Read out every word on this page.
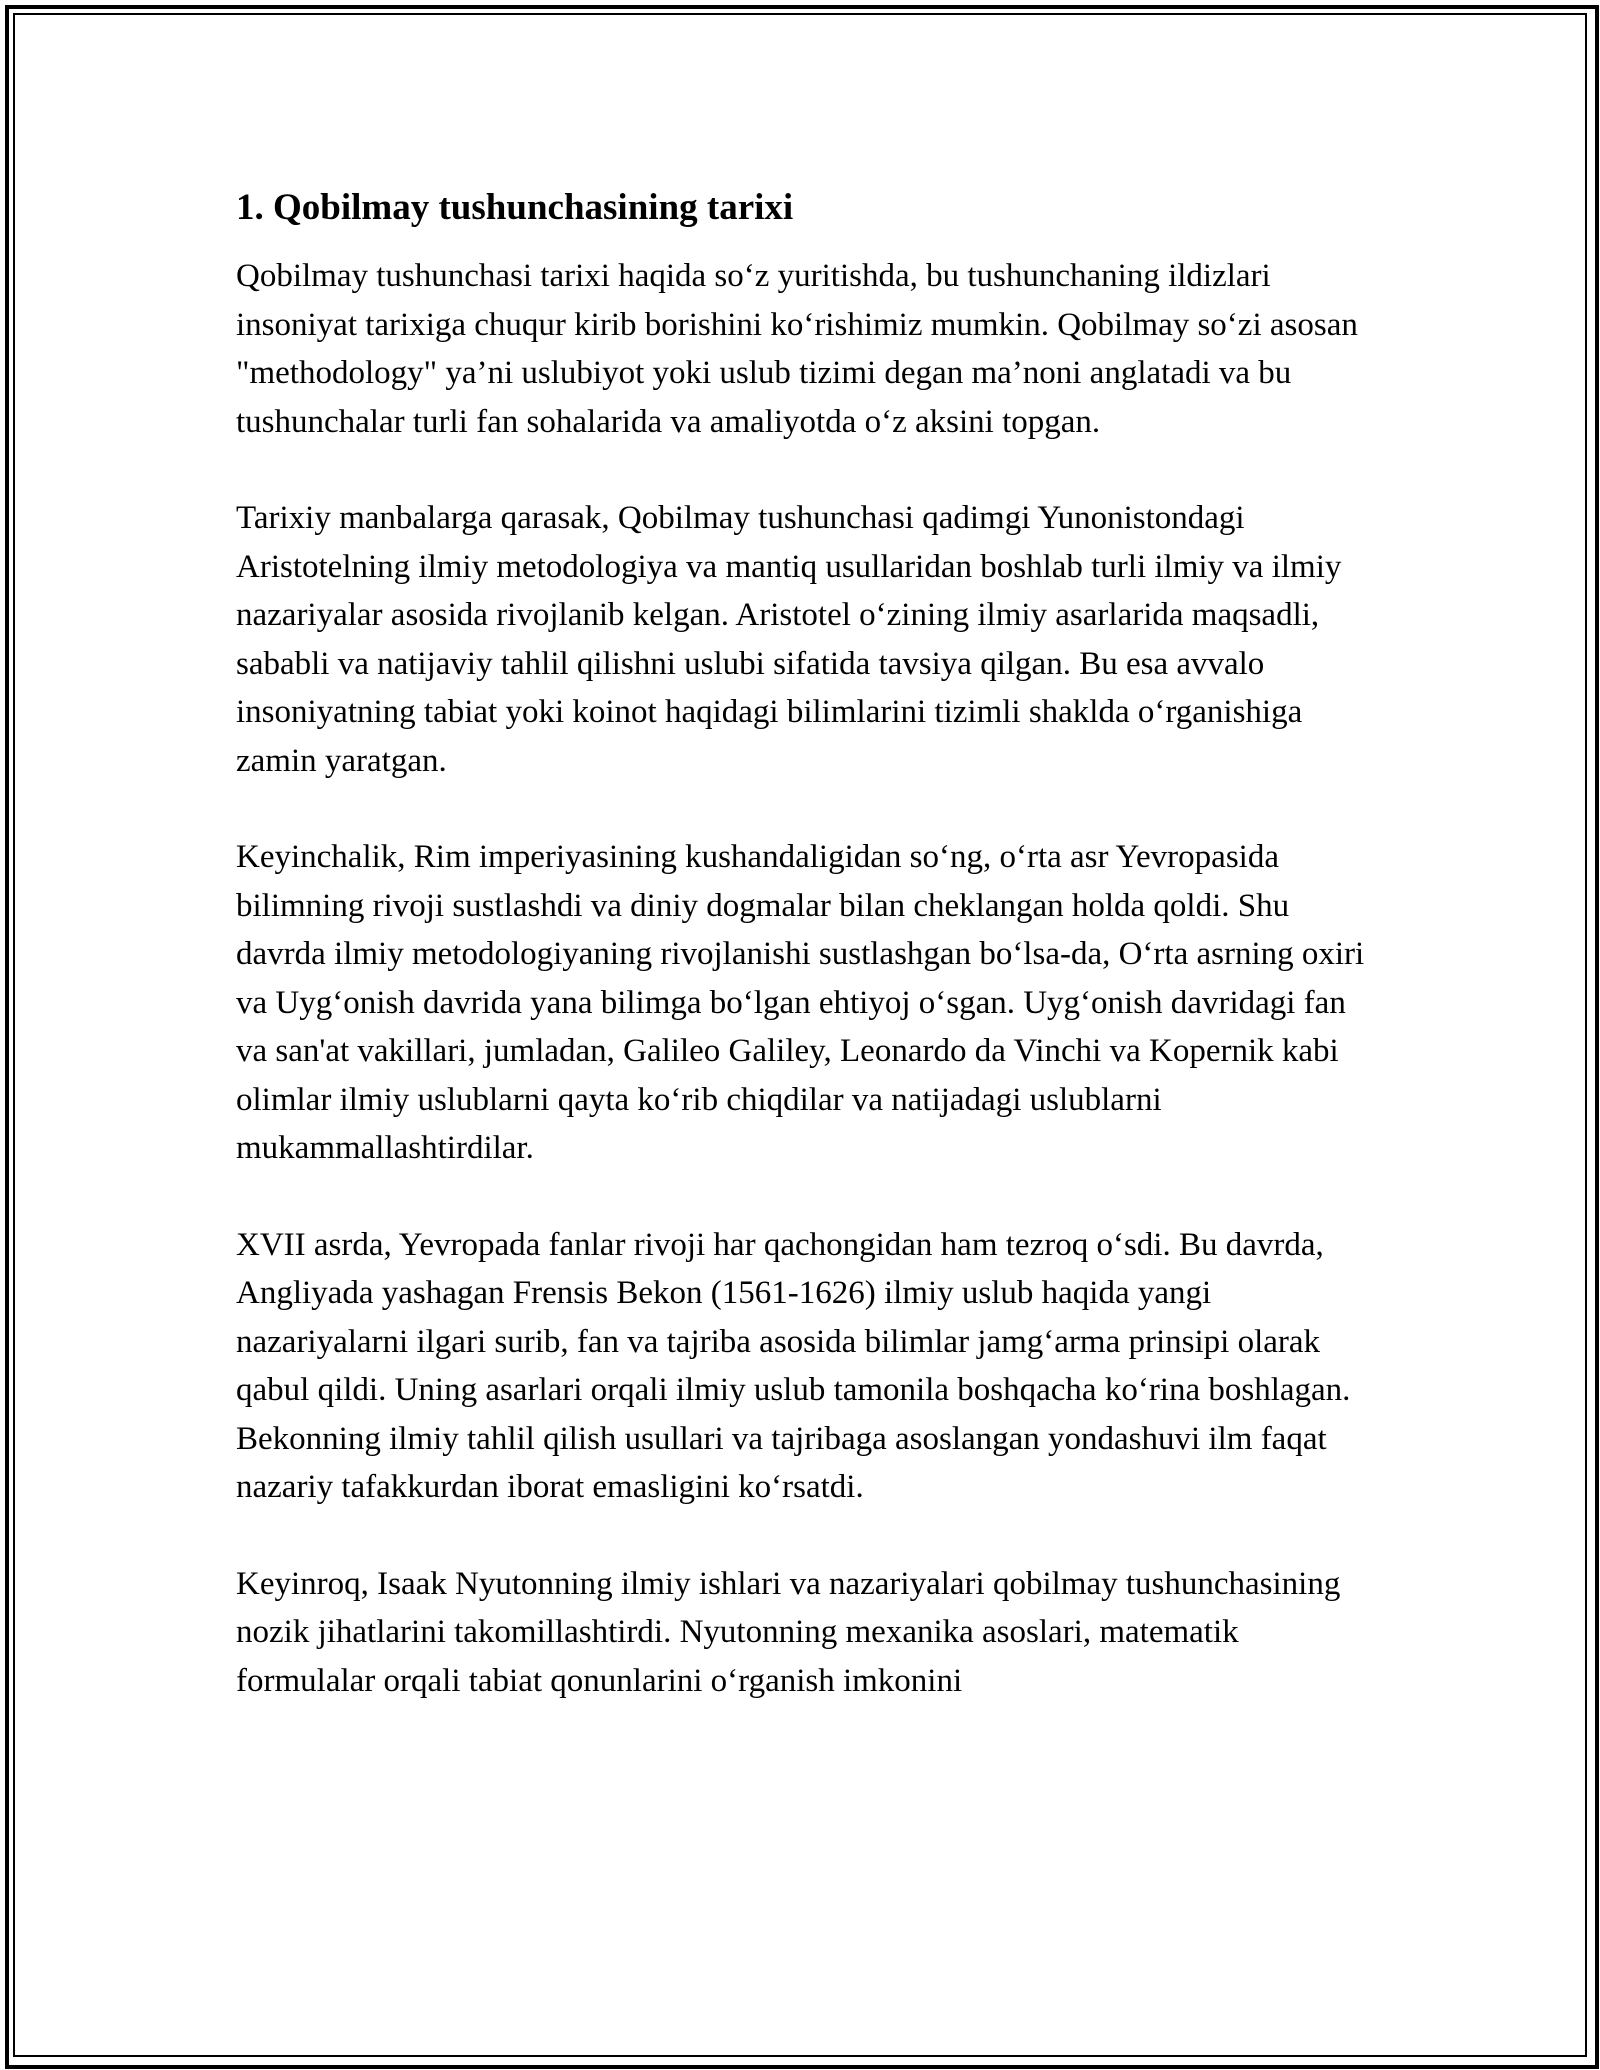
1. Qobilmay tushunchasining tarixi

Qobilmay tushunchasi tarixi haqida so‘z yuritishda, bu tushunchaning ildizlari insoniyat tarixiga chuqur kirib borishini ko‘rishimiz mumkin. Qobilmay so‘zi asosan "methodology" ya’ni uslubiyot yoki uslub tizimi degan ma’noni anglatadi va bu tushunchalar turli fan sohalarida va amaliyotda o‘z aksini topgan.

Tarixiy manbalarga qarasak, Qobilmay tushunchasi qadimgi Yunonistondagi Aristotelning ilmiy metodologiya va mantiq usullaridan boshlab turli ilmiy va ilmiy nazariyalar asosida rivojlanib kelgan. Aristotel o‘zining ilmiy asarlarida maqsadli, sababli va natijaviy tahlil qilishni uslubi sifatida tavsiya qilgan. Bu esa avvalo insoniyatning tabiat yoki koinot haqidagi bilimlarini tizimli shaklda o‘rganishiga zamin yaratgan.

Keyinchalik, Rim imperiyasining kushandaligidan so‘ng, o‘rta asr Yevropasida bilimning rivoji sustlashdi va diniy dogmalar bilan cheklangan holda qoldi. Shu davrda ilmiy metodologiyaning rivojlanishi sustlashgan bo‘lsa-da, O‘rta asrning oxiri va Uyg‘onish davrida yana bilimga bo‘lgan ehtiyoj o‘sgan. Uyg‘onish davridagi fan va san'at vakillari, jumladan, Galileo Galiley, Leonardo da Vinchi va Kopernik kabi olimlar ilmiy uslublarni qayta ko‘rib chiqdilar va natijadagi uslublarni mukammallashtirdilar.

XVII asrda, Yevropada fanlar rivoji har qachongidan ham tezroq o‘sdi. Bu davrda, Angliyada yashagan Frensis Bekon (1561-1626) ilmiy uslub haqida yangi nazariyalarni ilgari surib, fan va tajriba asosida bilimlar jamg‘arma prinsipi olarak qabul qildi. Uning asarlari orqali ilmiy uslub tamonila boshqacha ko‘rina boshlagan. Bekonning ilmiy tahlil qilish usullari va tajribaga asoslangan yondashuvi ilm faqat nazariy tafakkurdan iborat emasligini ko‘rsatdi.

Keyinroq, Isaak Nyutonning ilmiy ishlari va nazariyalari qobilmay tushunchasining nozik jihatlarini takomillashtirdi. Nyutonning mexanika asoslari, matematik formulalar orqali tabiat qonunlarini o‘rganish imkonini
